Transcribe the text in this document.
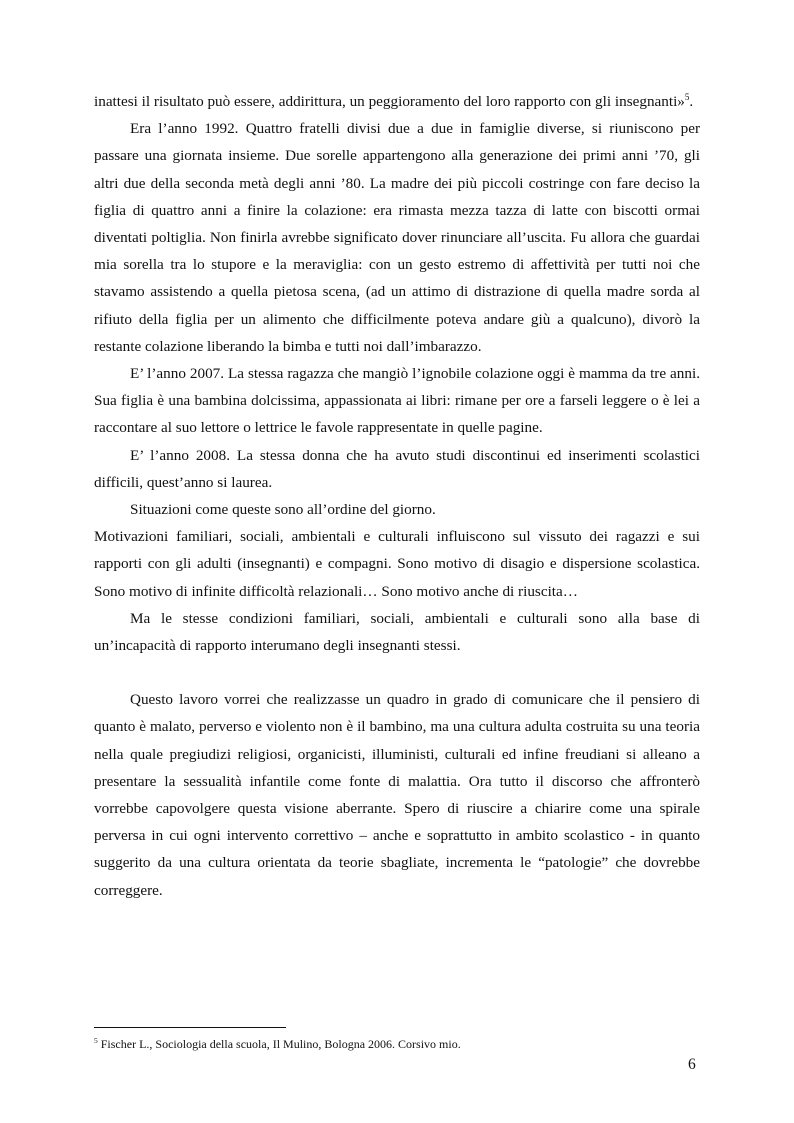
inattesi il risultato può essere, addirittura, un peggioramento del loro rapporto con gli insegnanti»$^5$.

Era l’anno 1992. Quattro fratelli divisi due a due in famiglie diverse, si riuniscono per passare una giornata insieme. Due sorelle appartengono alla generazione dei primi anni ’70, gli altri due della seconda metà degli anni ’80. La madre dei più piccoli costringe con fare deciso la figlia di quattro anni a finire la colazione: era rimasta mezza tazza di latte con biscotti ormai diventati poltiglia. Non finirla avrebbe significato dover rinunciare all’uscita. Fu allora che guardai mia sorella tra lo stupore e la meraviglia: con un gesto estremo di affettività per tutti noi che stavamo assistendo a quella pietosa scena, (ad un attimo di distrazione di quella madre sorda al rifiuto della figlia per un alimento che difficilmente poteva andare giù a qualcuno), divorò la restante colazione liberando la bimba e tutti noi dall’imbarazzo.

E’ l’anno 2007. La stessa ragazza che mangiò l’ignobile colazione oggi è mamma da tre anni. Sua figlia è una bambina dolcissima, appassionata ai libri: rimane per ore a farseli leggere o è lei a raccontare al suo lettore o lettrice le favole rappresentate in quelle pagine.

E’ l’anno 2008. La stessa donna che ha avuto studi discontinui ed inserimenti scolastici difficili, quest’anno si laurea.

Situazioni come queste sono all’ordine del giorno.

Motivazioni familiari, sociali, ambientali e culturali influiscono sul vissuto dei ragazzi e sui rapporti con gli adulti (insegnanti) e compagni. Sono motivo di disagio e dispersione scolastica. Sono motivo di infinite difficoltà relazionali… Sono motivo anche di riuscita…

Ma le stesse condizioni familiari, sociali, ambientali e culturali sono alla base di un’incapacità di rapporto interumano degli insegnanti stessi.

Questo lavoro vorrei che realizzasse un quadro in grado di comunicare che il pensiero di quanto è malato, perverso e violento non è il bambino, ma una cultura adulta costruita su una teoria nella quale pregiudizi religiosi, organicisti, illuministi, culturali ed infine freudiani si alleano a presentare la sessualità infantile come fonte di malattia. Ora tutto il discorso che affronterò vorrebbe capovolgere questa visione aberrante. Spero di riuscire a chiarire come una spirale perversa in cui ogni intervento correttivo – anche e soprattutto in ambito scolastico - in quanto suggerito da una cultura orientata da teorie sbagliate, incrementa le “patologie” che dovrebbe correggere.

$^5$ Fischer L., Sociologia della scuola, Il Mulino, Bologna 2006. Corsivo mio.
6
